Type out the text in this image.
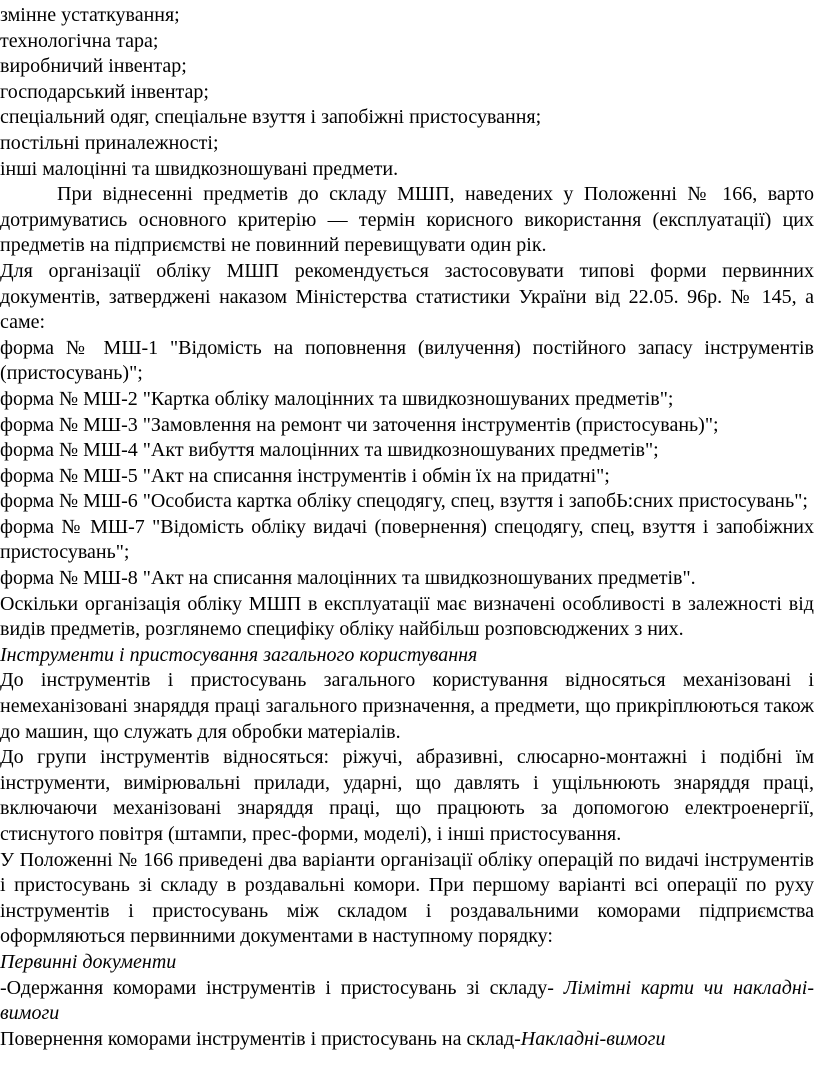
змінне устаткування;

технологічна тара;

виробничий інвентар;

господарський інвентар;

спеціальний одяг, спеціальне взуття і запобіжні пристосування;

постільні приналежності;

інші малоцінні та швидкозношувані предмети.

При віднесенні предметів до складу МШП, наведених у Положенні № 166, варто дотримуватись основного критерію — термін корисного використання (експлуатації) цих предметів на підприємстві не повинний перевищувати один рік.

Для організації обліку МШП рекомендується застосовувати типові форми первинних документів, затверджені наказом Міністерства статистики України від 22.05. 96р. № 145, а саме:

форма № МШ-1 "Відомість на поповнення (вилучення) постійного запасу інструментів (пристосувань)";

форма № МШ-2 "Картка обліку малоцінних та швидкозношуваних предметів";

форма № МШ-3 "Замовлення на ремонт чи заточення інструментів (пристосувань)";

форма № МШ-4 "Акт вибуття малоцінних та швидкозношуваних предметів";

форма № МШ-5 "Акт на списання інструментів і обмін їх на придатні";

форма № МШ-6 "Особиста картка обліку спецодягу, спец, взуття і запобЬ:сних пристосувань";

форма № МШ-7 "Відомість обліку видачі (повернення) спецодягу, спец, взуття і запобіжних пристосувань";

форма № МШ-8 "Акт на списання малоцінних та швидкозношуваних предметів".

Оскільки організація обліку МШП в експлуатації має визначені особливості в залежності від видів предметів, розглянемо специфіку обліку найбільш розповсюджених з них.

Інструменти і пристосування загального користування

До інструментів і пристосувань загального користування відносяться механізовані і немеханізовані знаряддя праці загального призначення, а предмети, що прикріплюються також до машин, що служать для обробки матеріалів.

До групи інструментів відносяться: ріжучі, абразивні, слюсарно-монтажні і подібні їм інструменти, вимірювальні прилади, ударні, що давлять і ущільнюють знаряддя праці, включаючи механізовані знаряддя праці, що працюють за допомогою електроенергії, стиснутого повітря (штампи, прес-форми, моделі), і інші пристосування.

У Положенні № 166 приведені два варіанти організації обліку операцій по видачі інструментів і пристосувань зі складу в роздавальні комори. При першому варіанті всі операції по руху інструментів і пристосувань між складом і роздавальними коморами підприємства оформляються первинними документами в наступному порядку:

Первинні документи

-Одержання коморами інструментів і пристосувань зі складу- Лімітні карти чи накладні-вимоги

Повернення коморами інструментів і пристосувань на склад-Накладні-вимоги
